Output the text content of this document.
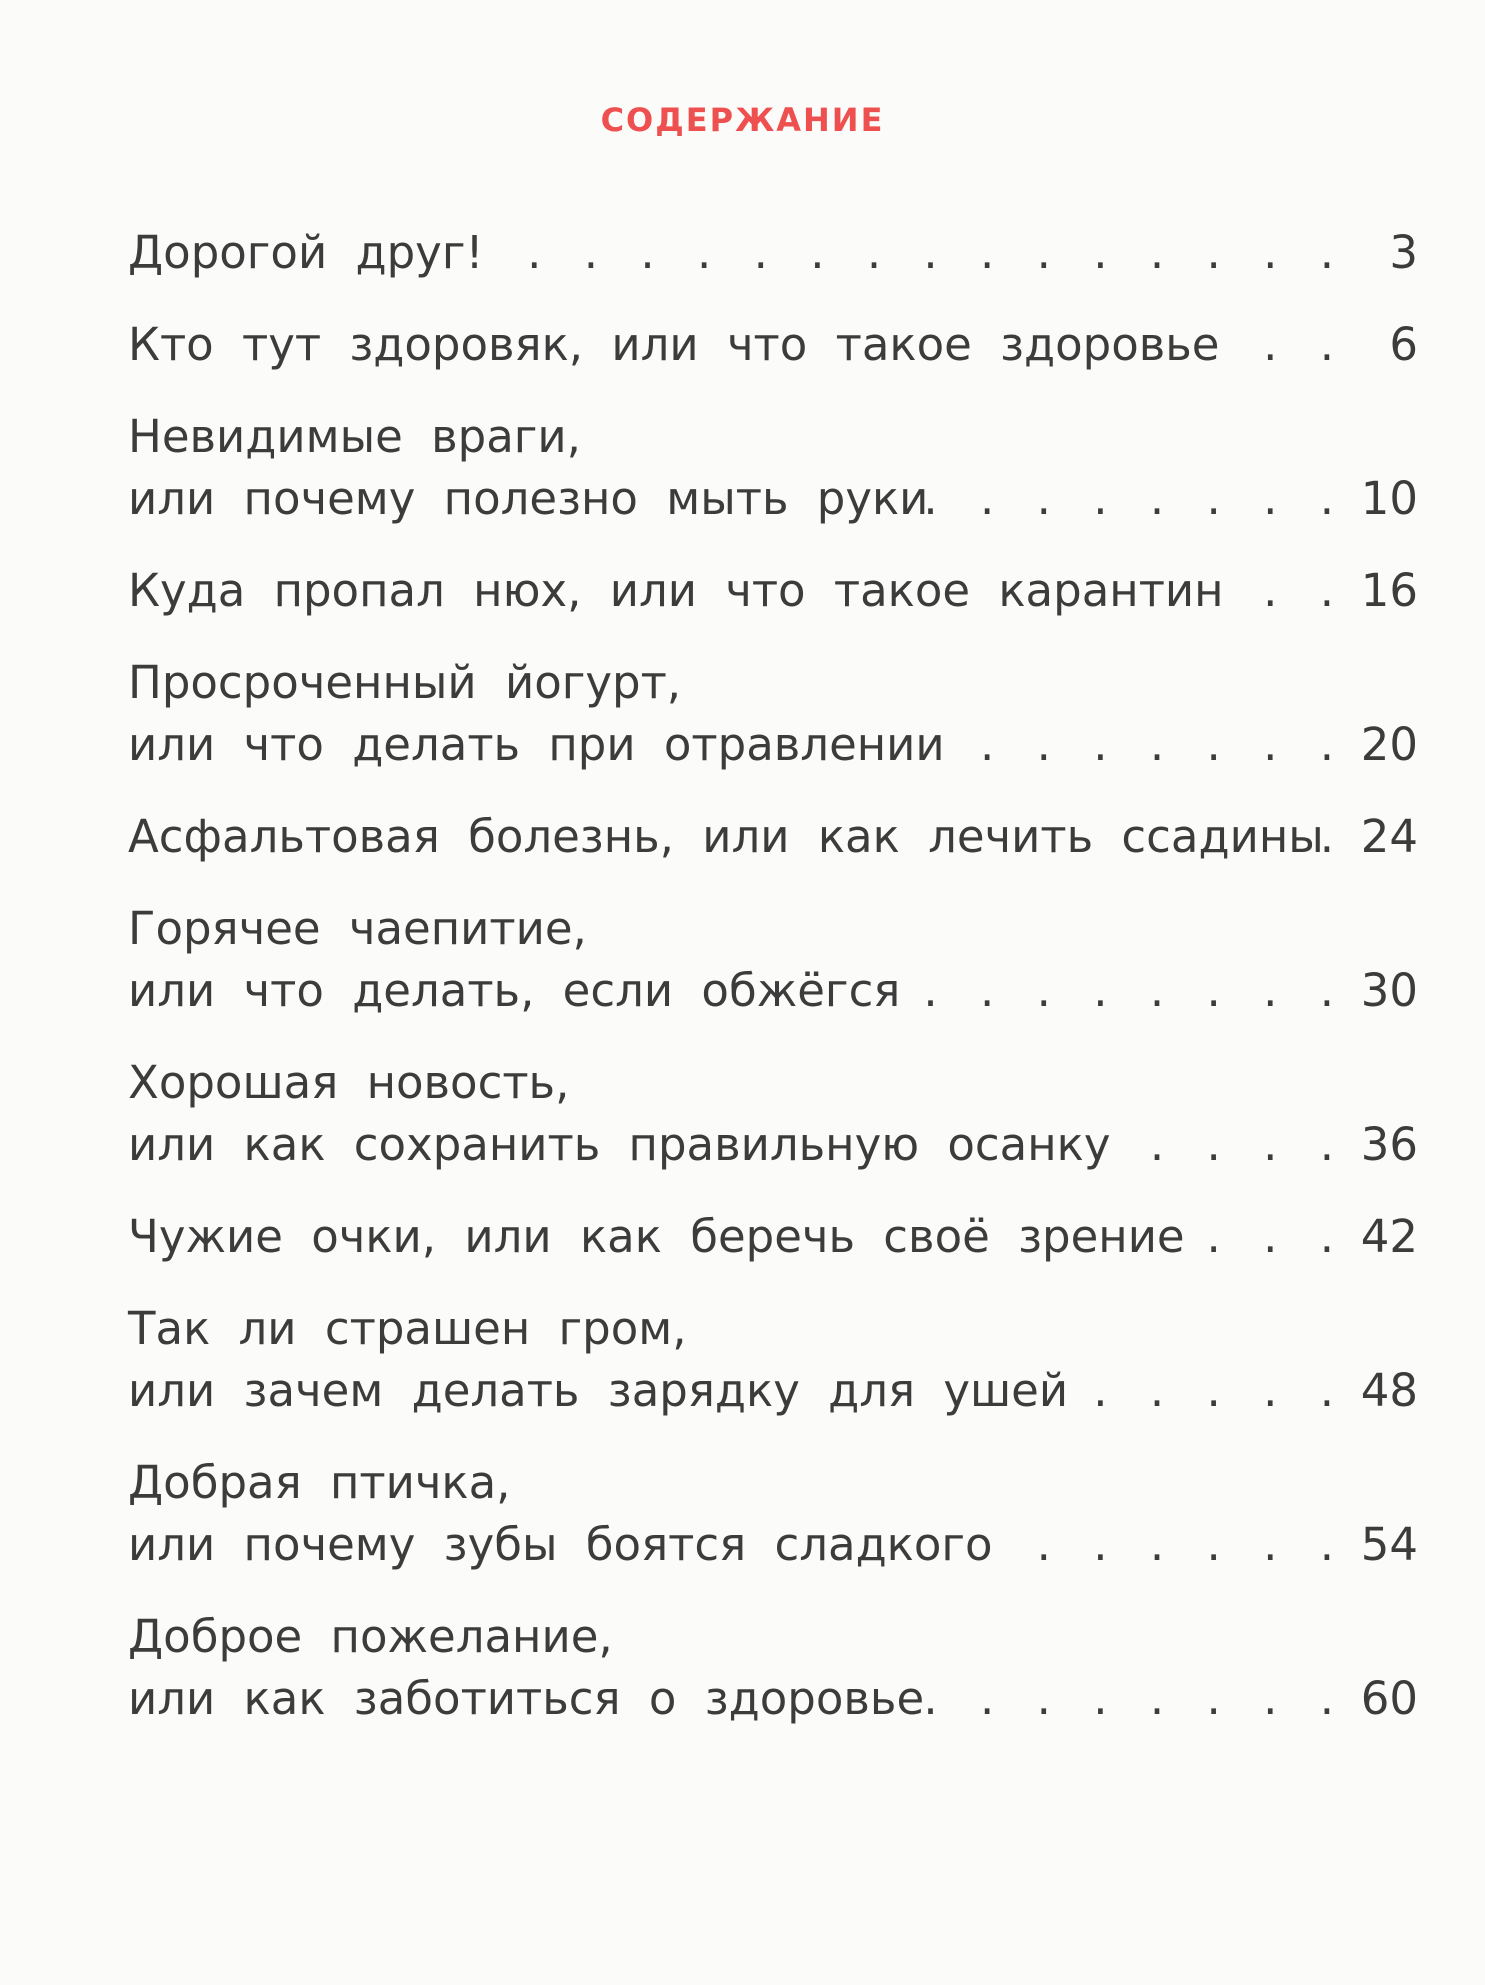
содержание
Дорогой друг! . . .	3
Кто тут здоровяк, или что такое здоровье . . .	6
Невидимые враги,
или почему полезно мыть руки . . .	10
Куда пропал нюх, или что такое карантин . . .	16
Просроченный йогурт,
или что делать при отравлении . . .	20
Асфальтовая болезнь, или как лечить ссадины . . . 24
Горячее чаепитие,
или что делать, если обжёгся . . .	30
Хорошая новость,
или как сохранить правильную осанку . . .	36
Чужие очки, или как беречь своё зрение . . .	42
Так ли страшен гром,
или зачем делать зарядку для ушей . . .	48
Добрая птичка,
или почему зубы боятся сладкого . . .	54
Доброе пожелание,
или как заботиться о здоровье . . .	60
